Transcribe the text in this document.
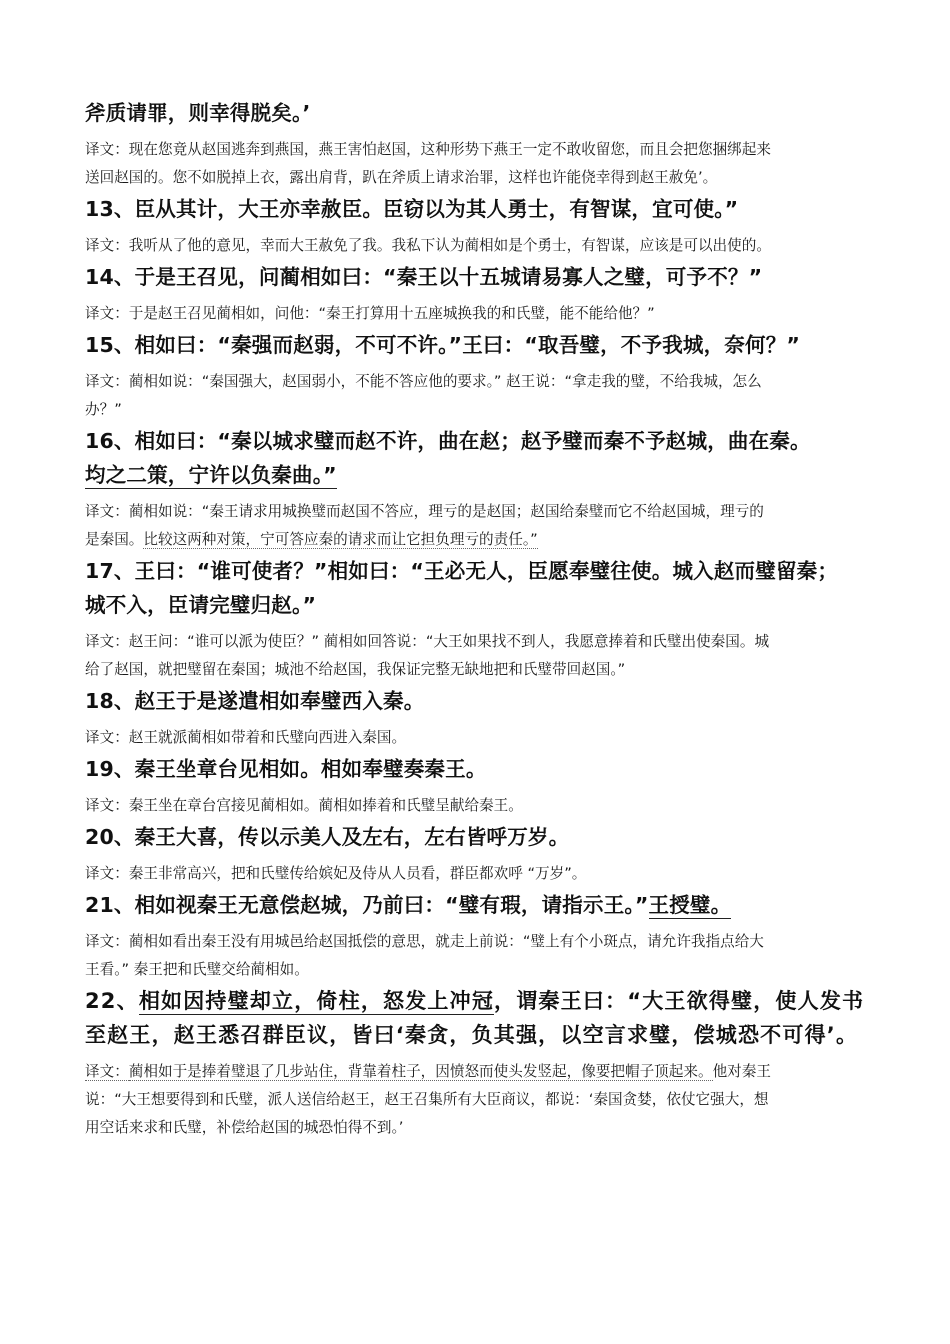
斧质请罪，则幸得脱矣。’
译文：现在您竟从赵国逃奔到燕国，燕王害怕赵国，这种形势下燕王一定不敢收留您，而且会把您捆绑起来
送回赵国的。您不如脱掉上衣，露出肩背，趴在斧质上请求治罪，这样也许能侥幸得到赵王赦免’。
13、臣从其计，大王亦幸赦臣。臣窃以为其人勇士，有智谋，宜可使。”
译文：我听从了他的意见，幸而大王赦免了我。我私下认为蔺相如是个勇士，有智谋，应该是可以出使的。
14、于是王召见，问蔺相如曰：“秦王以十五城请易寡人之璧，可予不？”
译文：于是赵王召见蔺相如，问他：“秦王打算用十五座城换我的和氏璧，能不能给他？”
15、相如曰：“秦强而赵弱，不可不许。”王曰：“取吾璧，不予我城，奈何？”
译文：蔺相如说：“秦国强大，赵国弱小，不能不答应他的要求。” 赵王说：“拿走我的璧，不给我城，怎么
办？”
16、相如曰：“秦以城求璧而赵不许，曲在赵；赵予璧而秦不予赵城，曲在秦。
均之二策，宁许以负秦曲。”
译文：蔺相如说：“秦王请求用城换璧而赵国不答应，理亏的是赵国；赵国给秦璧而它不给赵国城，理亏的
是秦国。比较这两种对策，宁可答应秦的请求而让它担负理亏的责任。”
17、王曰：“谁可使者？”相如曰：“王必无人，臣愿奉璧往使。城入赵而璧留秦；
城不入，臣请完璧归赵。”
译文：赵王问：“谁可以派为使臣？” 蔺相如回答说：“大王如果找不到人，我愿意捧着和氏璧出使秦国。城
给了赵国，就把璧留在秦国；城池不给赵国，我保证完整无缺地把和氏璧带回赵国。”
18、赵王于是遂遣相如奉璧西入秦。
译文：赵王就派蔺相如带着和氏璧向西进入秦国。
19、秦王坐章台见相如。相如奉璧奏秦王。
译文：秦王坐在章台宫接见蔺相如。蔺相如捧着和氏璧呈献给秦王。
20、秦王大喜，传以示美人及左右，左右皆呼万岁。
译文：秦王非常高兴，把和氏璧传给嫔妃及侍从人员看，群臣都欢呼 “万岁”。
21、相如视秦王无意偿赵城，乃前曰：“璧有瑕，请指示王。”王授璧。
译文：蔺相如看出秦王没有用城邑给赵国抵偿的意思，就走上前说：“璧上有个小斑点，请允许我指点给大
王看。” 秦王把和氏璧交给蔺相如。
22、相如因持璧却立，倚柱，怒发上冲冠，谓秦王曰：“大王欲得璧，使人发书
至赵王，赵王悉召群臣议，皆曰‘秦贪，负其强，以空言求璧，偿城恐不可得’。
译文：蔺相如于是捧着璧退了几步站住，背靠着柱子，因愤怒而使头发竖起，像要把帽子顶起来。他对秦王
说：“大王想要得到和氏璧，派人送信给赵王，赵王召集所有大臣商议，都说：‘秦国贪婪，依仗它强大，想
用空话来求和氏璧，补偿给赵国的城恐怕得不到。’
